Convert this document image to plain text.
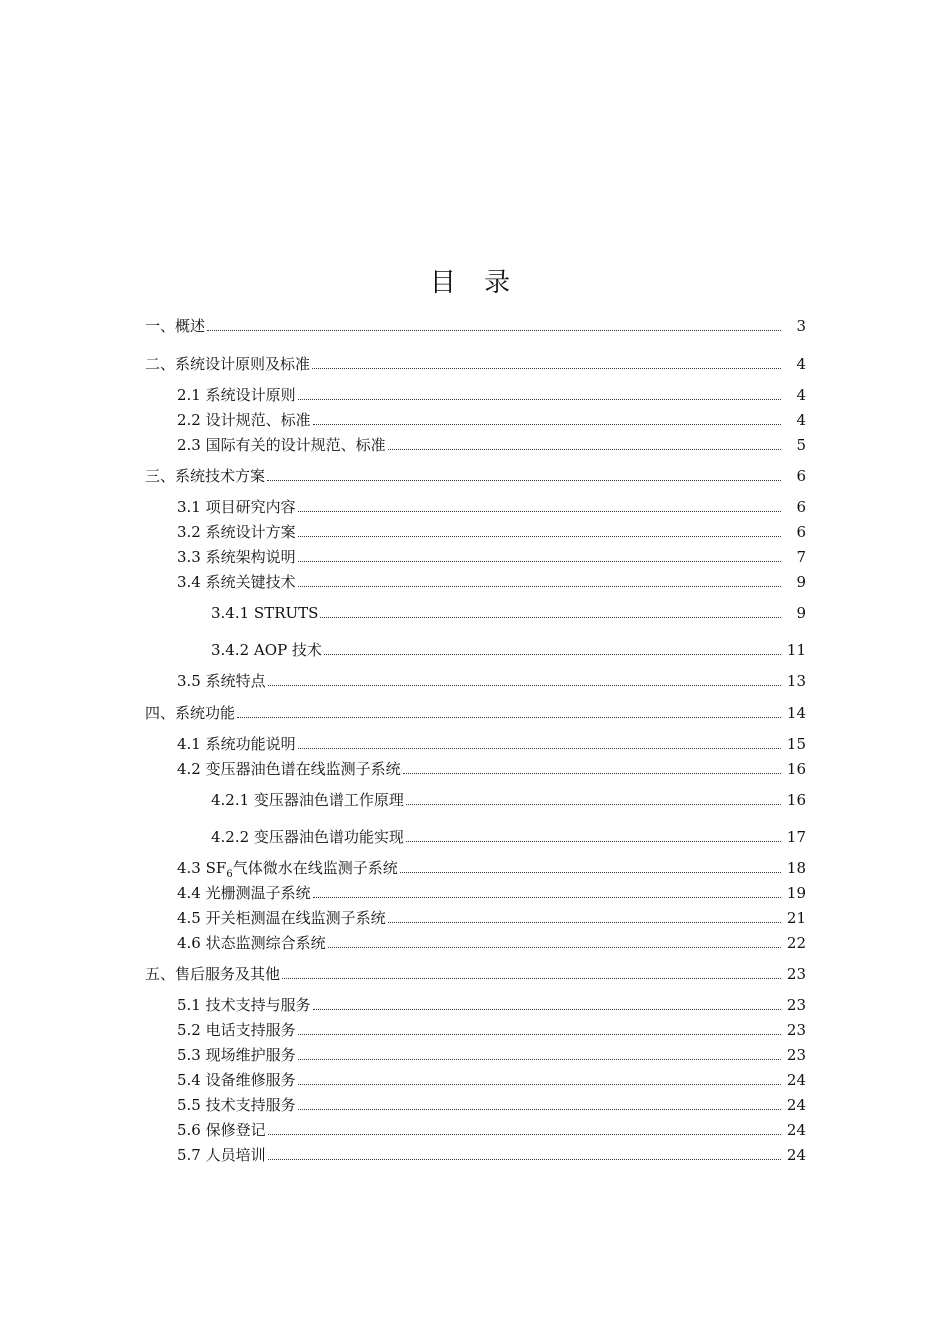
目 录
一、概述	3
二、系统设计原则及标准	4
2.1 系统设计原则	4
2.2 设计规范、标准	4
2.3 国际有关的设计规范、标准	5
三、系统技术方案	6
3.1 项目研究内容	6
3.2 系统设计方案	6
3.3 系统架构说明	7
3.4 系统关键技术	9
3.4.1 STRUTS	9
3.4.2 AOP 技术	11
3.5 系统特点	13
四、系统功能	14
4.1 系统功能说明	15
4.2 变压器油色谱在线监测子系统	16
4.2.1 变压器油色谱工作原理	16
4.2.2 变压器油色谱功能实现	17
4.3 $SF_6$气体微水在线监测子系统	18
4.4 光栅测温子系统	19
4.5 开关柜测温在线监测子系统	21
4.6 状态监测综合系统	22
五、售后服务及其他	23
5.1 技术支持与服务	23
5.2 电话支持服务	23
5.3 现场维护服务	23
5.4 设备维修服务	24
5.5 技术支持服务	24
5.6 保修登记	24
5.7 人员培训	24
